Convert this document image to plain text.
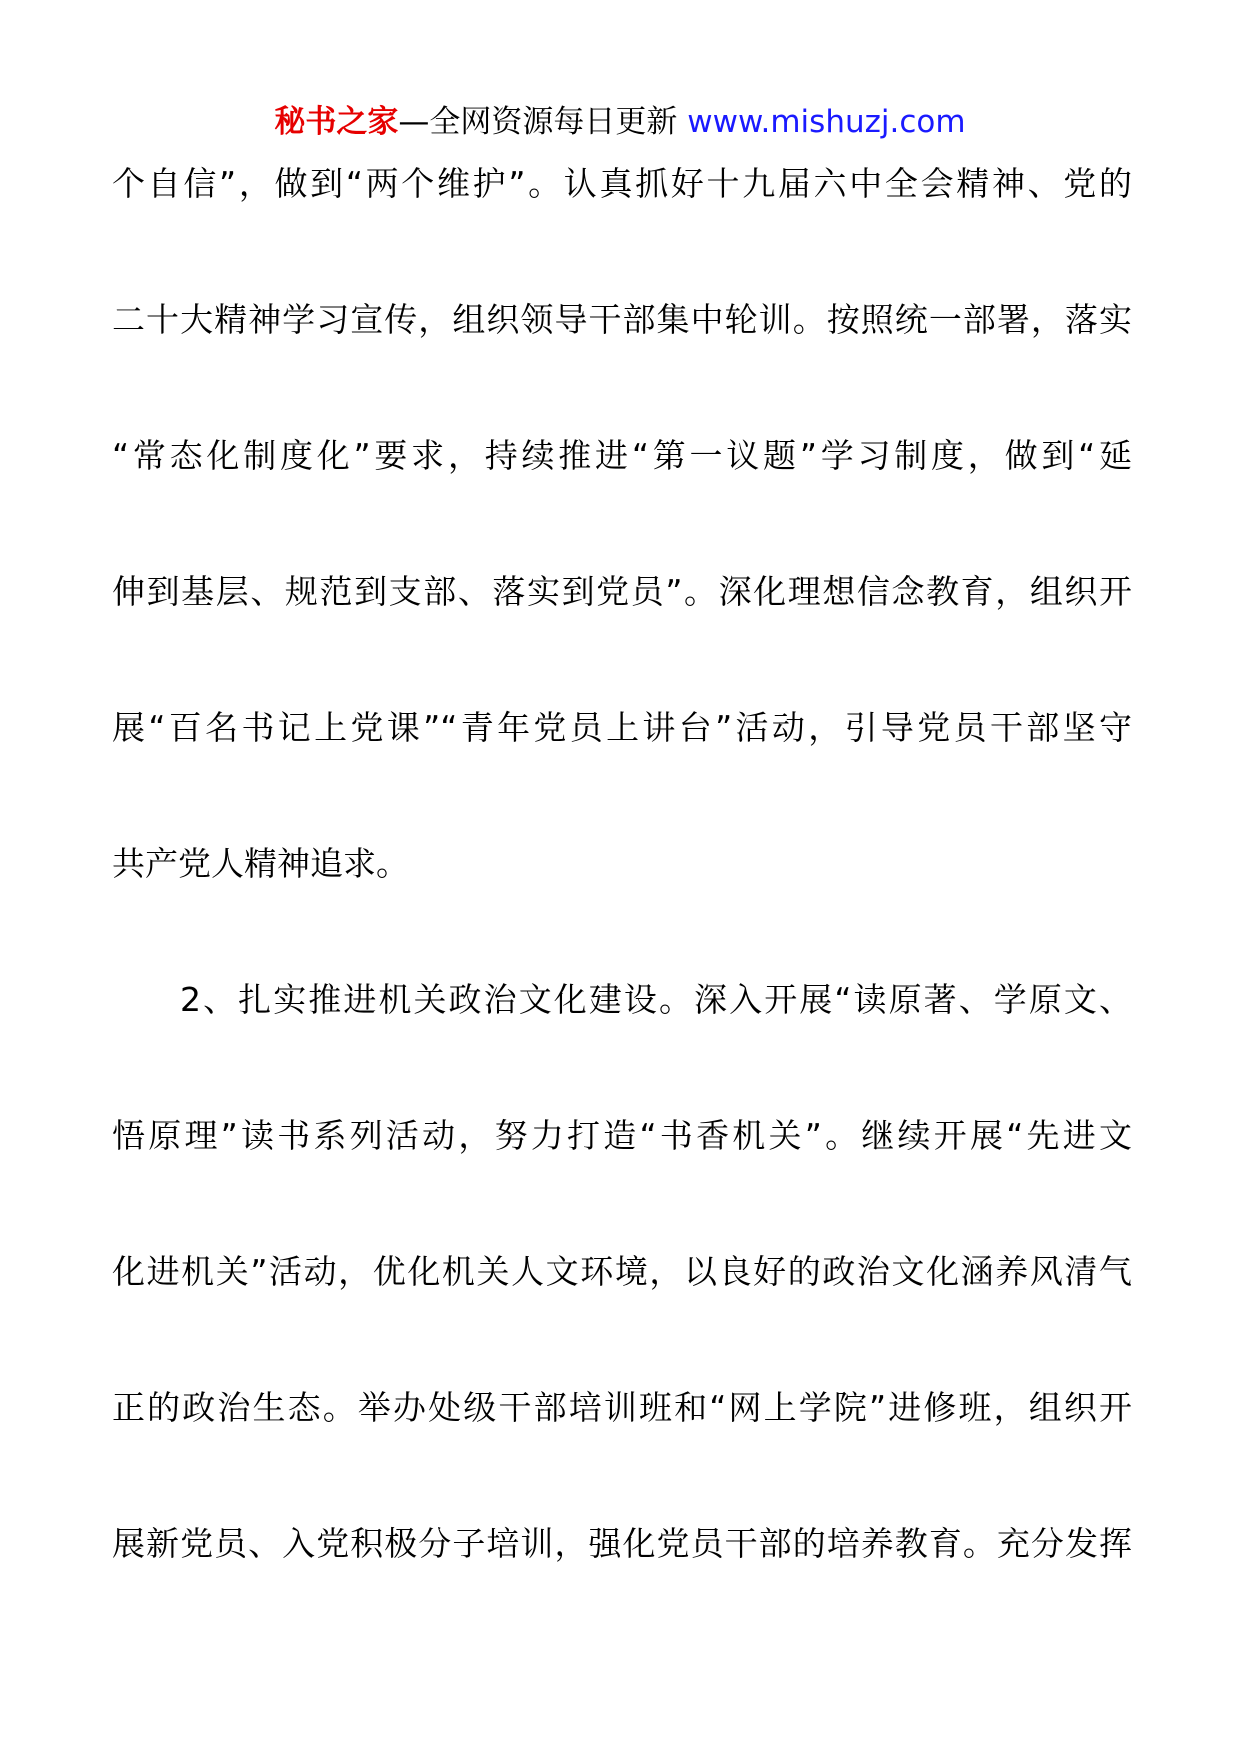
秘书之家—全网资源每日更新 www.mishuzj.com
个自信”，做到“两个维护”。认真抓好十九届六中全会精神、党的
二十大精神学习宣传，组织领导干部集中轮训。按照统一部署，落实
“常态化制度化”要求，持续推进“第一议题”学习制度，做到“延
伸到基层、规范到支部、落实到党员”。深化理想信念教育，组织开
展“百名书记上党课”“青年党员上讲台”活动，引导党员干部坚守
共产党人精神追求。
2、扎实推进机关政治文化建设。深入开展“读原著、学原文、
悟原理”读书系列活动，努力打造“书香机关”。继续开展“先进文
化进机关”活动，优化机关人文环境，以良好的政治文化涵养风清气
正的政治生态。举办处级干部培训班和“网上学院”进修班，组织开
展新党员、入党积极分子培训，强化党员干部的培养教育。充分发挥
